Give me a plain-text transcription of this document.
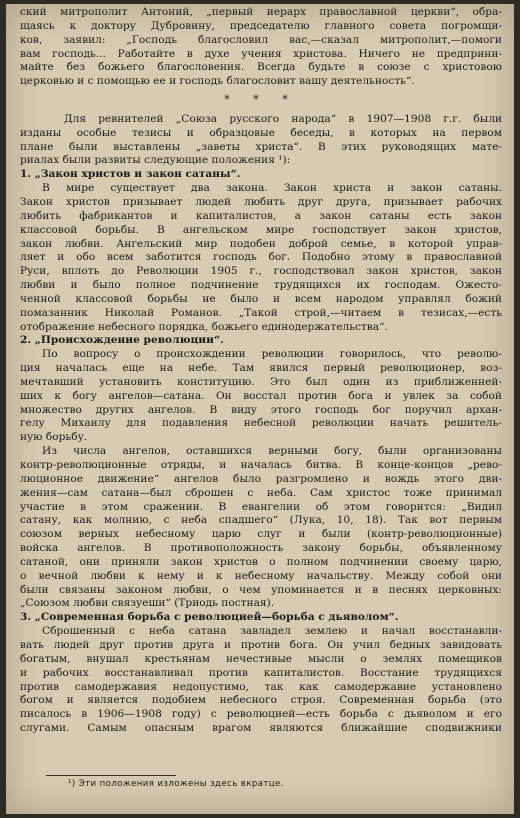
ский митрополит Антоний, „первый иерарх православной церкви“, обра-
щаясь к доктору Дубровину, председателю главного совета погромщи-
ков, заявил: „Господь благословил вас,—сказал митрополит,—помоги
вам господь... Работайте в духе учения христова. Ничего не предприни-
майте без божьего благословения. Всегда будьте в союзе с христовою
церковью и с помощью ее и господь благословит вашу деятельность“.

* * *

Для ревнителей „Союза русского народа“ в 1907—1908 г.г. были
изданы особые тезисы и образцовые беседы, в которых на первом
плане были выставлены „заветы христа“. В этих руководящих мате-
риалах были развиты следующие положения ¹):

1. „Закон христов и закон сатаны“.

В мире существует два закона. Закон христа и закон сатаны.
Закон христов призывает людей любить друг друга, призывает рабочих
любить фабрикантов и капиталистов, а закон сатаны есть закон
классовой борьбы. В ангельском мире господствует закон христов,
закон любви. Ангельский мир подобен доброй семье, в которой управ-
ляет и обо всем заботится господь бог. Подобно этому в православной
Руси, вплоть до Революции 1905 г., господствовал закон христов, закон
любви и было полное подчинение трудящихся их господам. Ожесто-
ченной классовой борьбы не было и всем народом управлял божий
помазанник Николай Романов. „Такой строй,—читаем в тезисах,—есть
отображение небесного порядка, божьего единодержательства“.

2. „Происхождение революции“.

По вопросу о происхождении революции говорилось, что револю-
ция началась еще на небе. Там явился первый революционер, воз-
мечтавший установить конституцию. Это был один из приближенней-
ших к богу ангелов—сатана. Он восстал против бога и увлек за собой
множество других ангелов. В виду этого господь бог поручил архан-
гелу Михаилу для подавления небесной революции начать решитель-
ную борьбу.

Из числа ангелов, оставшихся верными богу, были организованы
контр-революционные отряды, и началась битва. В конце-концов „рево-
люционное движение“ ангелов было разгромлено и вождь этого дви-
жения—сам сатана—был сброшен с неба. Сам христос тоже принимал
участие в этом сражении. В евангелии об этом говорится: „Видил
сатану, как молнию, с неба спадшего“ (Лука, 10, 18). Так вот первым
союзом верных небесному царю слуг и были (контр-революционные)
войска ангелов. В противоположность закону борьбы, объявленному
сатаной, они приняли закон христов о полном подчинении своему царю,
о вечной любви к нему и к небесному начальству. Между собой они
были связаны законом любви, о чем упоминается и в песнях церковных:
„Союзом любви связуеши“ (Триодь постная).

3. „Современная борьба с революцией—борьба с дьяволом“.

Сброшенный с неба сатана завладел землею и начал восстанавли-
вать людей друг против друга и против бога. Он учил бедных завидовать
богатым, внушал крестьянам нечестивые мысли о землях помещиков
и рабочих восстанавливал против капиталистов. Восстание трудящихся
против самодержавия недопустимо, так как самодержавие установлено
богом и является подобием небесного строя. Современная борьба (это
писалось в 1906—1908 году) с революцией—есть борьба с дьяволом и его
слугами. Самым опасным врагом являются ближайшие сподвижники

¹) Эти положения изложены здесь вкратце.
